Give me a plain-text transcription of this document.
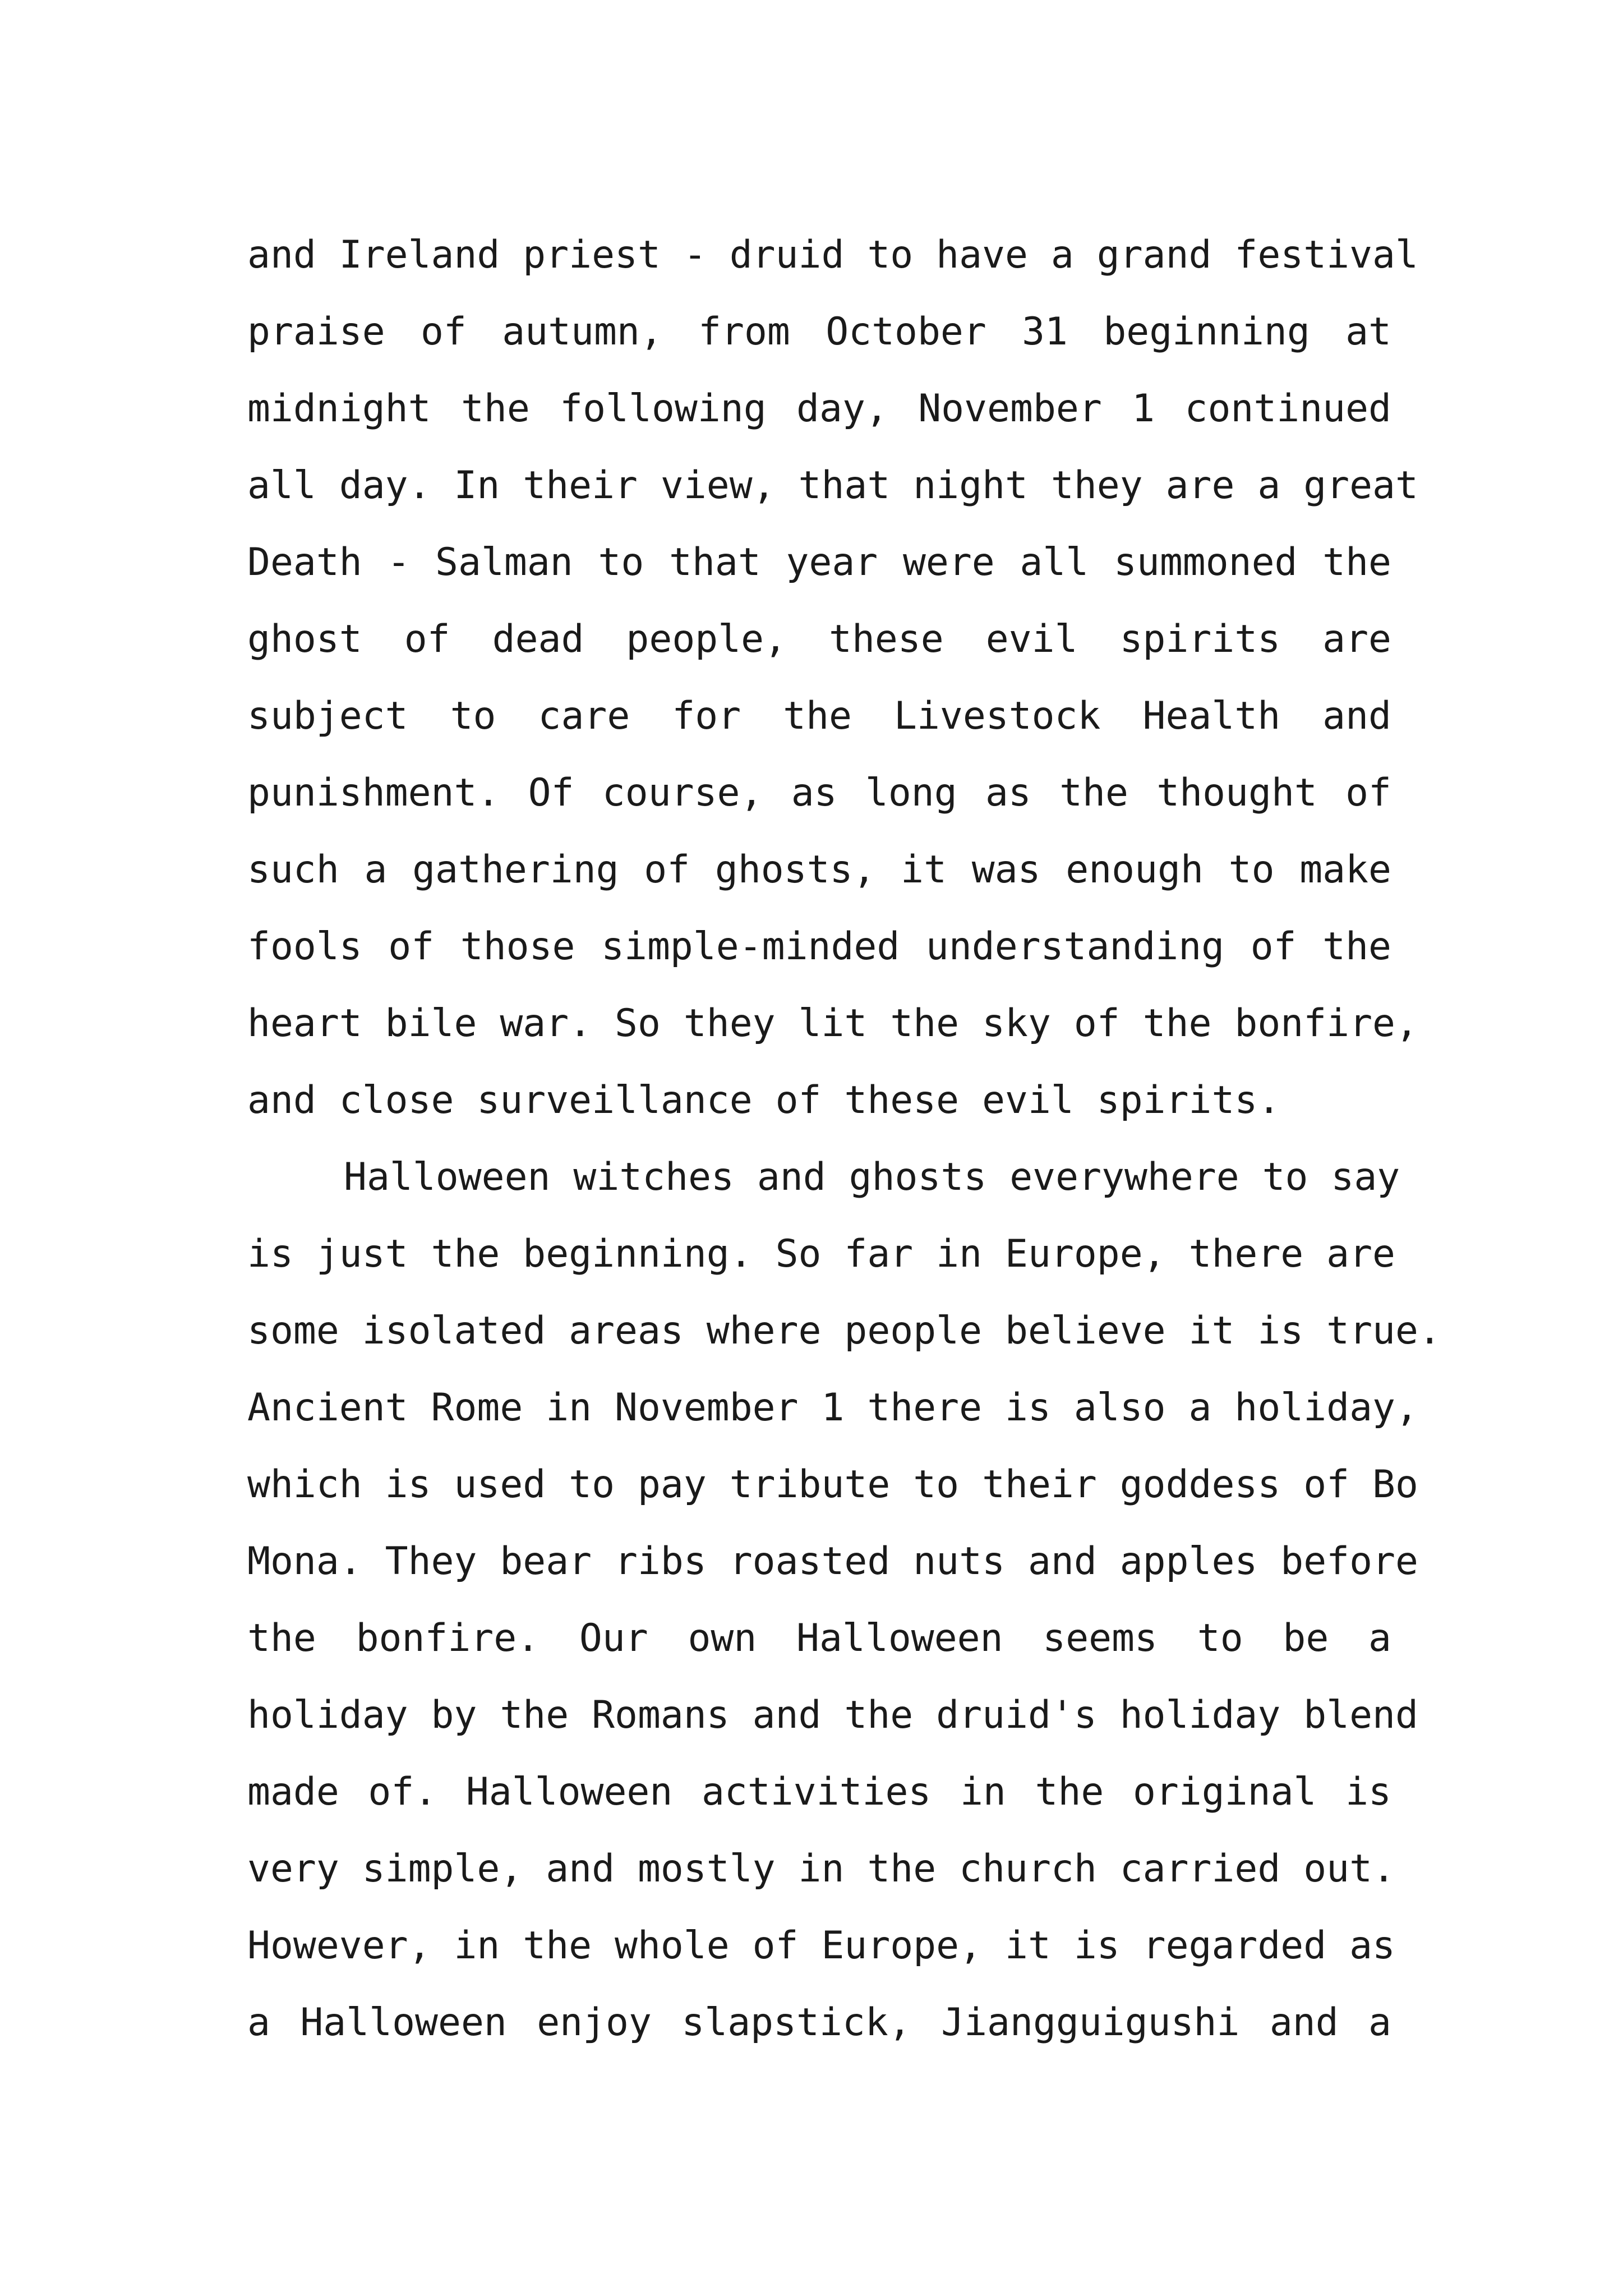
and Ireland priest - druid to have a grand festival
praise of autumn, from October 31 beginning at
midnight the following day, November 1 continued
all day. In their view, that night they are a great
Death - Salman to that year were all summoned the
ghost of dead people, these evil spirits are
subject to care for the Livestock Health and
punishment. Of course, as long as the thought of
such a gathering of ghosts, it was enough to make
fools of those simple-minded understanding of the
heart bile war. So they lit the sky of the bonfire,
and close surveillance of these evil spirits.
Halloween witches and ghosts everywhere to say
is just the beginning. So far in Europe, there are
some isolated areas where people believe it is true.
Ancient Rome in November 1 there is also a holiday,
which is used to pay tribute to their goddess of Bo
Mona. They bear ribs roasted nuts and apples before
the bonfire. Our own Halloween seems to be a
holiday by the Romans and the druid's holiday blend
made of. Halloween activities in the original is
very simple, and mostly in the church carried out.
However, in the whole of Europe, it is regarded as
a Halloween enjoy slapstick, Jiangguigushi and a
